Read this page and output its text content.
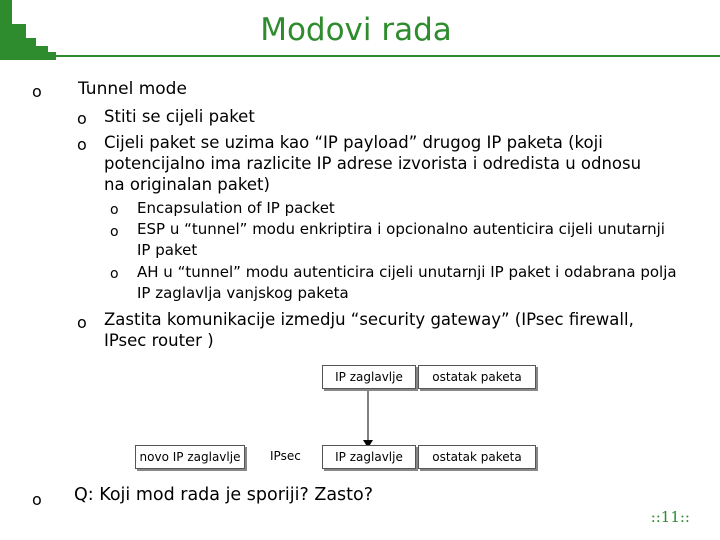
Modovi rada
o Tunnel mode
o Stiti se cijeli paket
o Cijeli paket se uzima kao “IP payload” drugog IP paketa (koji potencijalno ima razlicite IP adrese izvorista i odredista u odnosu na originalan paket)
o Encapsulation of IP packet
o ESP u “tunnel” modu enkriptira i opcionalno autenticira cijeli unutarnji IP paket
o AH u “tunnel” modu autenticira cijeli unutarnji IP paket i odabrana polja IP zaglavlja vanjskog paketa
o Zastita komunikacije izmedju “security gateway” (IPsec firewall, IPsec router )
IP zaglavlje	ostatak paketa
novo IP zaglavlje	IPsec	IP zaglavlje	ostatak paketa
o Q: Koji mod rada je sporiji? Zasto?
::11::
